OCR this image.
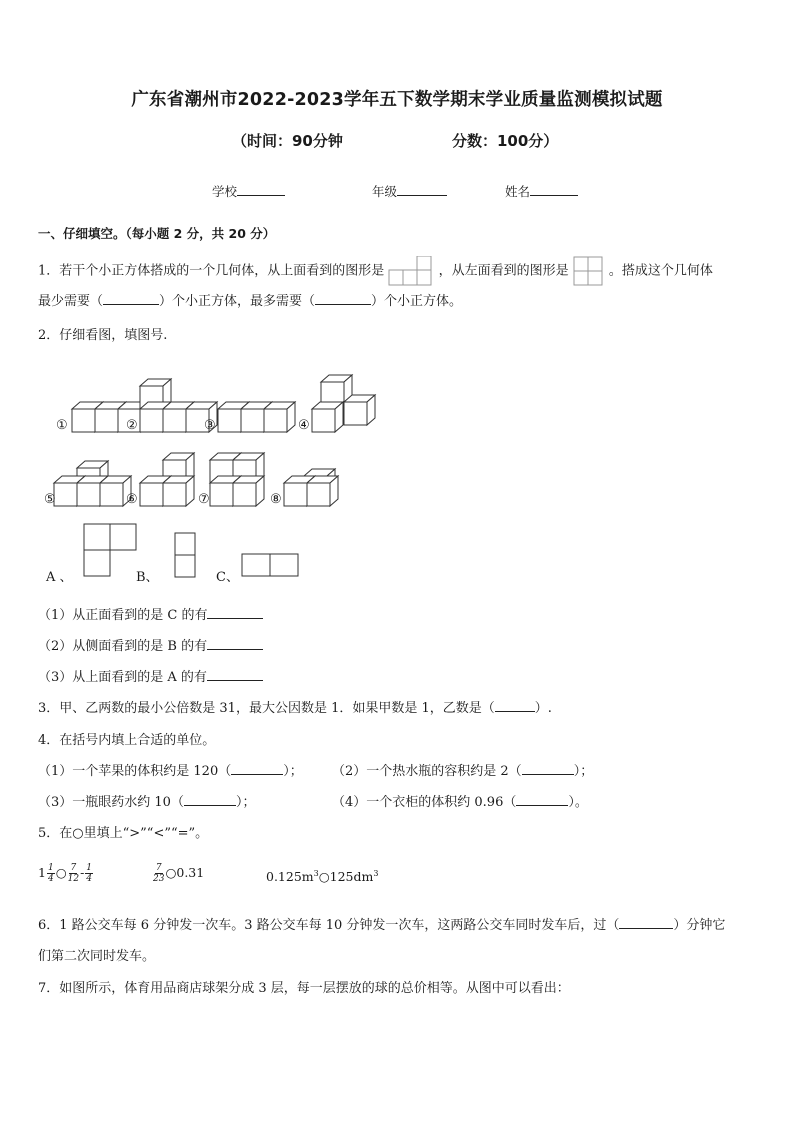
广东省潮州市2022-2023学年五下数学期末学业质量监测模拟试题
（时间：90分钟	分数：100分）
学校	年级	姓名
一、仔细填空。（每小题 2 分，共 20 分）
1．若干个小正方体搭成的一个几何体，从上面看到的图形是	，从左面看到的图形是	。搭成这个几何体
最少需要（	）个小正方体，最多需要（	）个小正方体。
2．仔细看图，填图号.
①	②	③	④
⑤	⑥	⑦	⑧
A 、	B、	C、
（1）从正面看到的是 C 的有
（2）从侧面看到的是 B 的有
（3）从上面看到的是 A 的有
3．甲、乙两数的最小公倍数是 31，最大公因数是 1．如果甲数是 1，乙数是（	）.
4．在括号内填上合适的单位。
（1）一个苹果的体积约是 120（	）； （2）一个热水瓶的容积约是 2（	）；
（3）一瓶眼药水约 10（	）；	（4）一个衣柜的体积约 0.96（	）。
5．在○里填上“>”“<”“=”。
$1 \frac{1}{4}$ ○ $\frac{7}{12} - \frac{1}{4}$	$\frac{7}{23}$ ○0.31	$0.125m^3○125dm^3$
6．1 路公交车每 6 分钟发一次车。3 路公交车每 10 分钟发一次车，这两路公交车同时发车后，过（	）分钟它
们第二次同时发车。
7．如图所示，体育用品商店球架分成 3 层，每一层摆放的球的总价相等。从图中可以看出：
